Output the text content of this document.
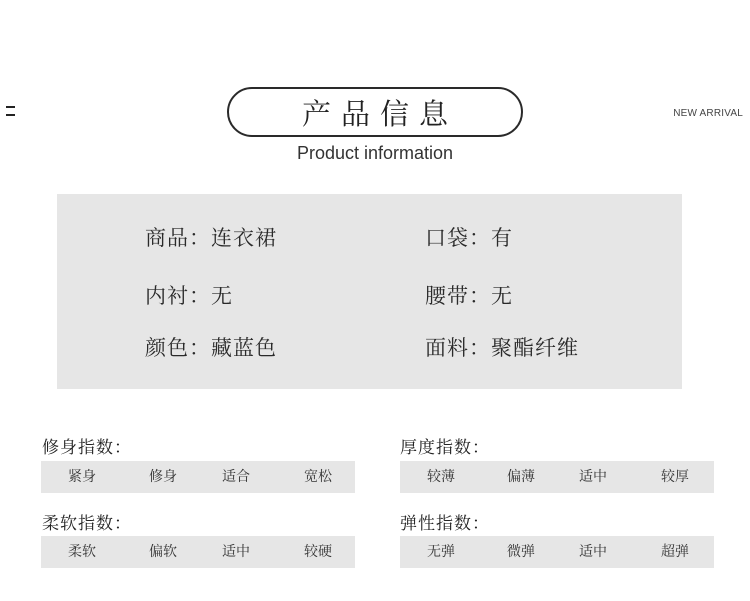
产品信息
Product information
NEW ARRIVAL
商品：连衣裙	口袋：有
内衬：无	腰带：无
颜色：藏蓝色	面料：聚酯纤维
修身指数：
紧身	修身	适合	宽松
厚度指数：
较薄	偏薄	适中	较厚
柔软指数：
柔软	偏软	适中	较硬
弹性指数：
无弹	微弹	适中	超弹
